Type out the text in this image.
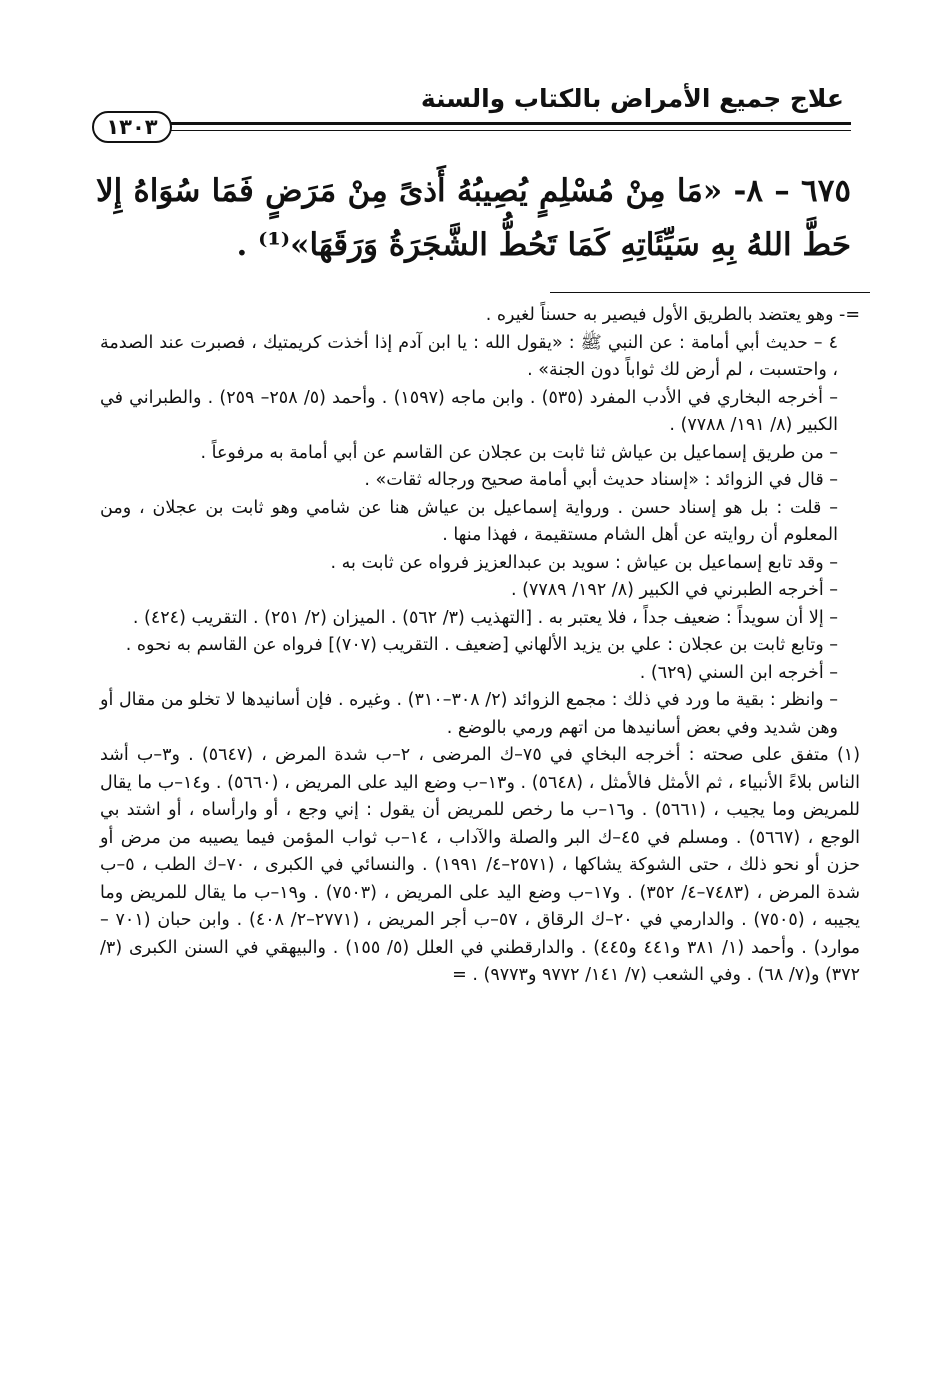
علاج جميع الأمراض بالكتاب والسنة
١٣٠٣
٦٧٥ – ٨- «مَا مِنْ مُسْلِمٍ يُصِيبُهُ أَذىً مِنْ مَرَضٍ فَمَا سُوَاهُ إِلا حَطَّ اللهُ بِهِ سَيِّئَاتِهِ كَمَا تَحُطُّ الشَّجَرَةُ وَرَقَهَا»⁽¹⁾ .

=- وهو يعتضد بالطريق الأول فيصير به حسناً لغيره .

٤ – حديث أبي أمامة : عن النبي ﷺ : «يقول الله : يا ابن آدم إذا أخذت كريمتيك ، فصبرت عند الصدمة ، واحتسبت ، لم أرض لك ثواباً دون الجنة» .

– أخرجه البخاري في الأدب المفرد (٥٣٥) . وابن ماجه (١٥٩٧) . وأحمد (٥/ ٢٥٨– ٢٥٩) . والطبراني في الكبير (٨/ ١٩١/ ٧٧٨٨) .

– من طريق إسماعيل بن عياش ثنا ثابت بن عجلان عن القاسم عن أبي أمامة به مرفوعاً .

– قال في الزوائد : «إسناد حديث أبي أمامة صحيح ورجاله ثقات» .

– قلت : بل هو إسناد حسن . ورواية إسماعيل بن عياش هنا عن شامي وهو ثابت بن عجلان ، ومن المعلوم أن روايته عن أهل الشام مستقيمة ، فهذا منها .

– وقد تابع إسماعيل بن عياش : سويد بن عبدالعزيز فرواه عن ثابت به .

– أخرجه الطبرني في الكبير (٨/ ١٩٢/ ٧٧٨٩) .

– إلا أن سويداً : ضعيف جداً ، فلا يعتبر به . [التهذيب (٣/ ٥٦٢) . الميزان (٢/ ٢٥١) . التقريب (٤٢٤) .

– وتابع ثابت بن عجلان : علي بن يزيد الألهاني [ضعيف . التقريب (٧٠٧)] فرواه عن القاسم به نحوه .

– أخرجه ابن السني (٦٢٩) .

– وانظر : بقية ما ورد في ذلك : مجمع الزوائد (٢/ ٣٠٨–٣١٠) . وغيره . فإن أسانيدها لا تخلو من مقال أو وهن شديد وفي بعض أسانيدها من اتهم ورمي بالوضع .

(١) متفق على صحته : أخرجه البخاي في ٧٥–ك المرضى ، ٢–ب شدة المرض ، (٥٦٤٧) . و٣–ب أشد الناس بلاءً الأنبياء ، ثم الأمثل فالأمثل ، (٥٦٤٨) . و١٣–ب وضع اليد على المريض ، (٥٦٦٠) . و١٤–ب ما يقال للمريض وما يجيب ، (٥٦٦١) . و١٦–ب ما رخص للمريض أن يقول : إني وجع ، أو وارأساه ، أو اشتد بي الوجع ، (٥٦٦٧) . ومسلم في ٤٥–ك البر والصلة والآداب ، ١٤–ب ثواب المؤمن فيما يصيبه من مرض أو حزن أو نحو ذلك ، حتى الشوكة يشاكها ، (٢٥٧١–٤/ ١٩٩١) . والنسائي في الكبرى ، ٧٠–ك الطب ، ٥–ب شدة المرض ، (٧٤٨٣–٤/ ٣٥٢) . و١٧–ب وضع اليد على المريض ، (٧٥٠٣) . و١٩–ب ما يقال للمريض وما يجيبه ، (٧٥٠٥) . والدارمي في ٢٠–ك الرقاق ، ٥٧–ب أجر المريض ، (٢٧٧١–٢/ ٤٠٨) . وابن حبان (٧٠١ – موارد) . وأحمد (١/ ٣٨١ و٤٤١ و٤٤٥) . والدارقطني في العلل (٥/ ١٥٥) . والبيهقي في السنن الكبرى (٣/ ٣٧٢) و(٧/ ٦٨) . وفي الشعب (٧/ ١٤١/ ٩٧٧٢ و٩٧٧٣) . =
